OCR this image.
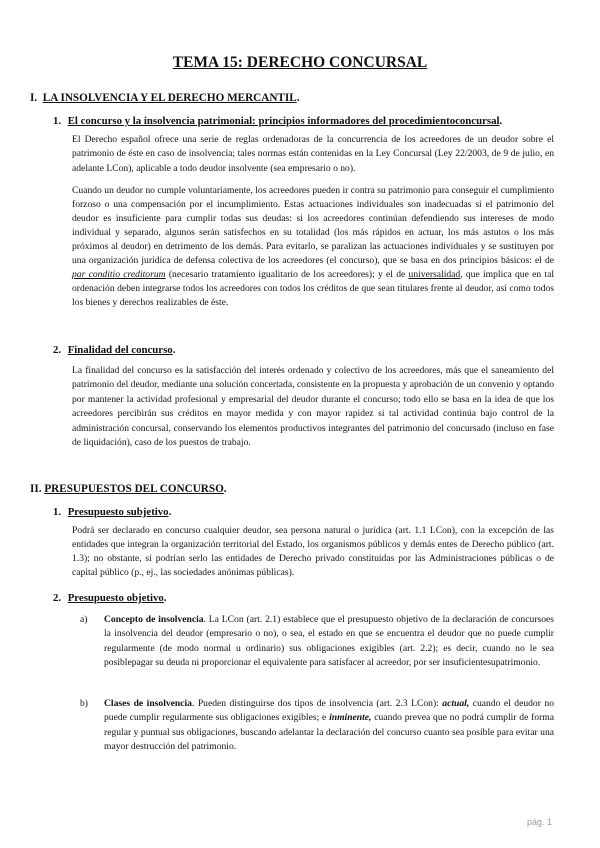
TEMA 15: DERECHO CONCURSAL

I. LA INSOLVENCIA Y EL DERECHO MERCANTIL.

1. El concurso y la insolvencia patrimonial: principios informadores del procedimientoconcursal.

El Derecho español ofrece una serie de reglas ordenadoras de la concurrencia de los acreedores de un deudor sobre el patrimonio de éste en caso de insolvencia; tales normas están contenidas en la Ley Concursal (Ley 22/2003, de 9 de julio, en adelante LCon), aplicable a todo deudor insolvente (sea empresario o no).

Cuando un deudor no cumple voluntariamente, los acreedores pueden ir contra su patrimonio para conseguir el cumplimiento forzoso o una compensación por el incumplimiento. Estas actuaciones individuales son inadecuadas si el patrimonio del deudor es insuficiente para cumplir todas sus deudas: si los acreedores continúan defendiendo sus intereses de modo individual y separado, algunos serán satisfechos en su totalidad (los más rápidos en actuar, los más astutos o los más próximos al deudor) en detrimento de los demás. Para evitarlo, se paralizan las actuaciones individuales y se sustituyen por una organización jurídica de defensa colectiva de los acreedores (el concurso), que se basa en dos principios básicos: el de par conditio creditorum (necesario tratamiento igualitario de los acreedores); y el de universalidad, que implica que en tal ordenación deben integrarse todos los acreedores con todos los créditos de que sean titulares frente al deudor, así como todos los bienes y derechos realizables de éste.

2. Finalidad del concurso.

La finalidad del concurso es la satisfacción del interés ordenado y colectivo de los acreedores, más que el saneamiento del patrimonio del deudor, mediante una solución concertada, consistente en la propuesta y aprobación de un convenio y optando por mantener la actividad profesional y empresarial del deudor durante el concurso; todo ello se basa en la idea de que los acreedores percibirán sus créditos en mayor medida y con mayor rapidez si tal actividad continúa bajo control de la administración concursal, conservando los elementos productivos integrantes del patrimonio del concursado (incluso en fase de liquidación), caso de los puestos de trabajo.

II. PRESUPUESTOS DEL CONCURSO.

1. Presupuesto subjetivo.

Podrá ser declarado en concurso cualquier deudor, sea persona natural o jurídica (art. 1.1 LCon), con la excepción de las entidades que integran la organización territorial del Estado, los organismos públicos y demás entes de Derecho público (art. 1.3); no obstante, sí podrían serlo las entidades de Derecho privado constituidas por las Administraciones públicas o de capital público (p., ej., las sociedades anónimas públicas).

2. Presupuesto objetivo.

a) Concepto de insolvencia. La LCon (art. 2.1) establece que el presupuesto objetivo de la declaración de concursoes la insolvencia del deudor (empresario o no), o sea, el estado en que se encuentra el deudor que no puede cumplir regularmente (de modo normal u ordinario) sus obligaciones exigibles (art. 2.2); es decir, cuando no le sea posiblepagar su deuda ni proporcionar el equivalente para satisfacer al acreedor, por ser insuficientesupatrimonio.
b) Clases de insolvencia. Pueden distinguirse dos tipos de insolvencia (art. 2.3 LCon): actual, cuando el deudor no puede cumplir regularmente sus obligaciones exigibles; e inminente, cuando prevea que no podrá cumplir de forma regular y puntual sus obligaciones, buscando adelantar la declaración del concurso cuanto sea posible para evitar una mayor destrucción del patrimonio.
pág. 1
